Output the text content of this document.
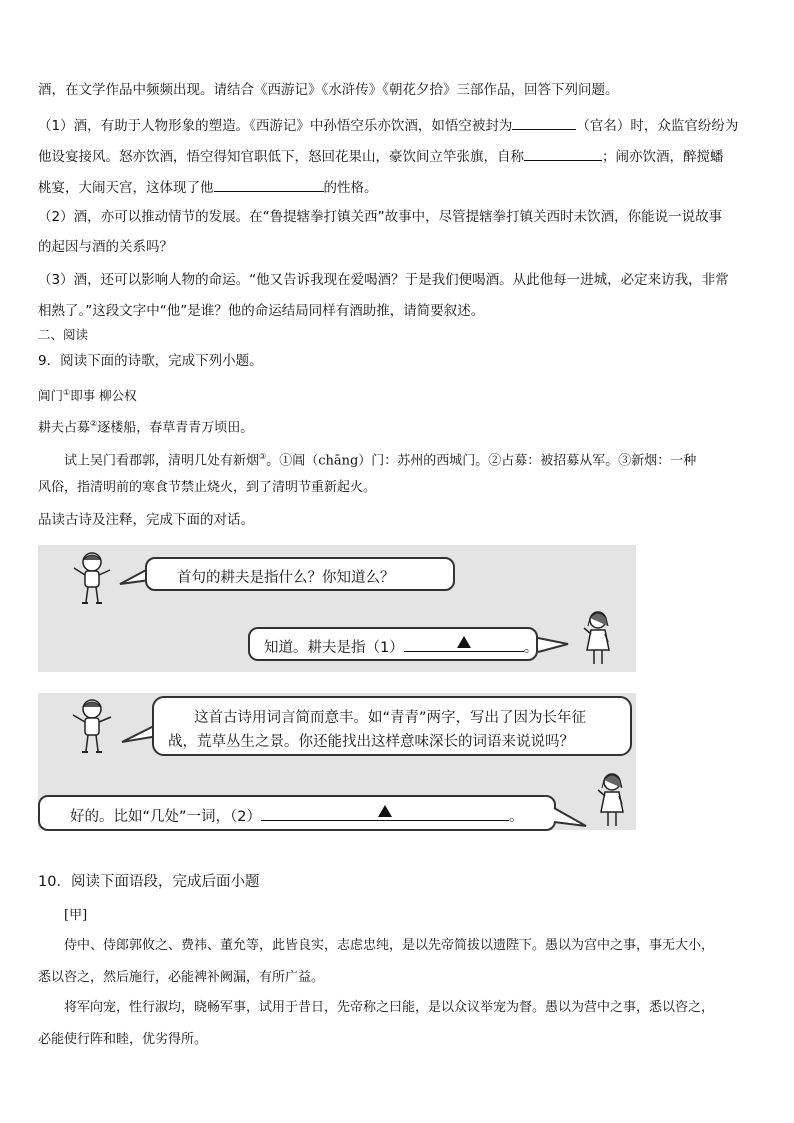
酒，在文学作品中频频出现。请结合《西游记》《水浒传》《朝花夕拾》三部作品，回答下列问题。
（1）酒，有助于人物形象的塑造。《西游记》中孙悟空乐亦饮酒，如悟空被封为	（官名）时，众监官纷纷为
他设宴接风。怒亦饮酒，悟空得知官职低下，怒回花果山，豪饮间立竿张旗，自称	；闹亦饮酒，醉搅蟠
桃宴，大闹天宫，这体现了他	的性格。
（2）酒，亦可以推动情节的发展。在“鲁提辖拳打镇关西”故事中，尽管提辖拳打镇关西时未饮酒，你能说一说故事
的起因与酒的关系吗？
（3）酒，还可以影响人物的命运。“他又告诉我现在爱喝酒？于是我们便喝酒。从此他每一进城，必定来访我，非常
相熟了。”这段文字中“他”是谁？他的命运结局同样有酒助推，请简要叙述。
二、阅读
9．阅读下面的诗歌，完成下列小题。
阊门①即事 柳公权
耕夫占募②逐楼船，春草青青万顷田。
试上吴门看郡郭，清明几处有新烟③。①阊（chāng）门：苏州的西城门。②占募：被招募从军。③新烟：一种
风俗，指清明前的寒食节禁止烧火，到了清明节重新起火。
品读古诗及注释，完成下面的对话。
首句的耕夫是指什么？你知道么？
知道。耕夫是指（1）	。
这首古诗用词言简而意丰。如“青青”两字，写出了因为长年征
战，荒草丛生之景。你还能找出这样意味深长的词语来说说吗？
好的。比如“几处”一词，（2）	。
10．阅读下面语段，完成后面小题
[甲]
侍中、侍郎郭攸之、费祎、董允等，此皆良实，志虑忠纯，是以先帝简拔以遗陛下。愚以为宫中之事，事无大小，
悉以咨之，然后施行，必能裨补阙漏，有所广益。
将军向宠，性行淑均，晓畅军事，试用于昔日，先帝称之曰能，是以众议举宠为督。愚以为营中之事，悉以咨之，
必能使行阵和睦，优劣得所。
